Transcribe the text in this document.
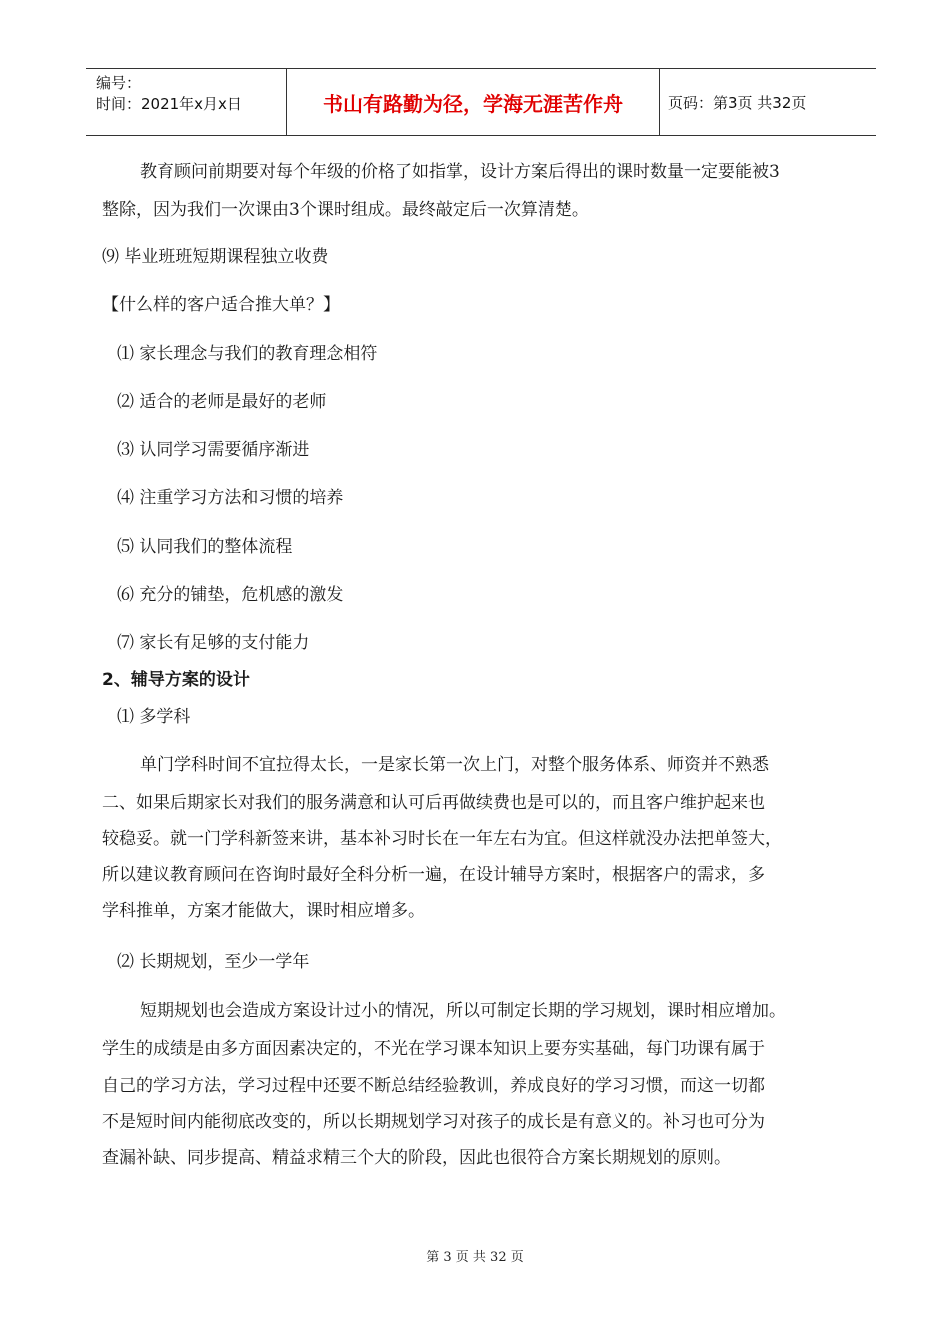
编号：
时间：2021年x月x日	书山有路勤为径，学海无涯苦作舟	页码：第3页 共32页
教育顾问前期要对每个年级的价格了如指掌，设计方案后得出的课时数量一定要能被3
整除，因为我们一次课由3个课时组成。最终敲定后一次算清楚。
⑼ 毕业班班短期课程独立收费
【什么样的客户适合推大单？】
⑴ 家长理念与我们的教育理念相符
⑵ 适合的老师是最好的老师
⑶ 认同学习需要循序渐进
⑷ 注重学习方法和习惯的培养
⑸ 认同我们的整体流程
⑹ 充分的铺垫，危机感的激发
⑺ 家长有足够的支付能力
2、辅导方案的设计
⑴ 多学科
单门学科时间不宜拉得太长，一是家长第一次上门，对整个服务体系、师资并不熟悉
二、如果后期家长对我们的服务满意和认可后再做续费也是可以的，而且客户维护起来也
较稳妥。就一门学科新签来讲，基本补习时长在一年左右为宜。但这样就没办法把单签大，
所以建议教育顾问在咨询时最好全科分析一遍，在设计辅导方案时，根据客户的需求，多
学科推单，方案才能做大，课时相应增多。
⑵ 长期规划，至少一学年
短期规划也会造成方案设计过小的情况，所以可制定长期的学习规划，课时相应增加。
学生的成绩是由多方面因素决定的，不光在学习课本知识上要夯实基础，每门功课有属于
自己的学习方法，学习过程中还要不断总结经验教训，养成良好的学习习惯，而这一切都
不是短时间内能彻底改变的，所以长期规划学习对孩子的成长是有意义的。补习也可分为
查漏补缺、同步提高、精益求精三个大的阶段，因此也很符合方案长期规划的原则。
第 3 页 共 32 页
